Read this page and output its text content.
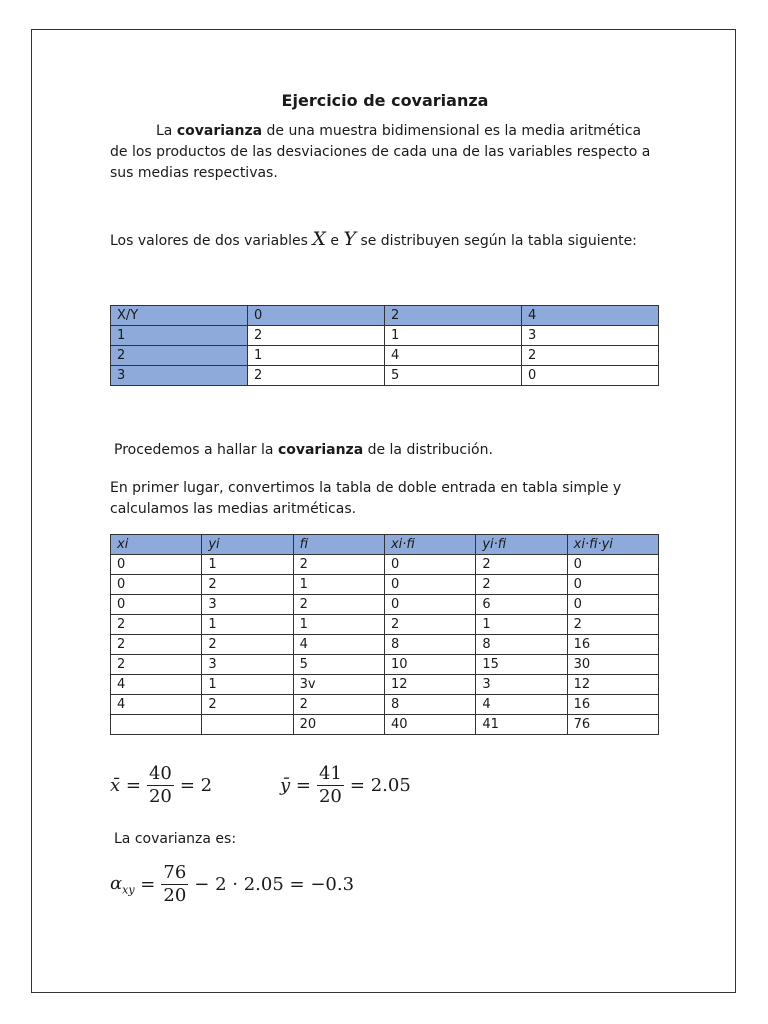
Ejercicio de covarianza
La covarianza de una muestra bidimensional es la media aritmética de los productos de las desviaciones de cada una de las variables respecto a sus medias respectivas.
Los valores de dos variables X e Y se distribuyen según la tabla siguiente:
X/Y	0	2	4
1	2	1	3
2	1	4	2
3	2	5	0
Procedemos a hallar la covarianza de la distribución.
En primer lugar, convertimos la tabla de doble entrada en tabla simple y calculamos las medias aritméticas.
xi	yi	fi	xi·fi	yi·fi	xi·fi·yi
0	1	2	0	2	0
0	2	1	0	2	0
0	3	2	0	6	0
2	1	1	2	1	2
2	2	4	8	8	16
2	3	5	10	15	30
4	1	3v	12	3	12
4	2	2	8	4	16
		20	40	41	76
x̄ = $\frac{40}{20} = 2$	ȳ = $\frac{41}{20} = 2.05$
La covarianza es:
$\alpha_{xy} = \frac{76}{20} - 2 \cdot 2.05 = -0.3$
